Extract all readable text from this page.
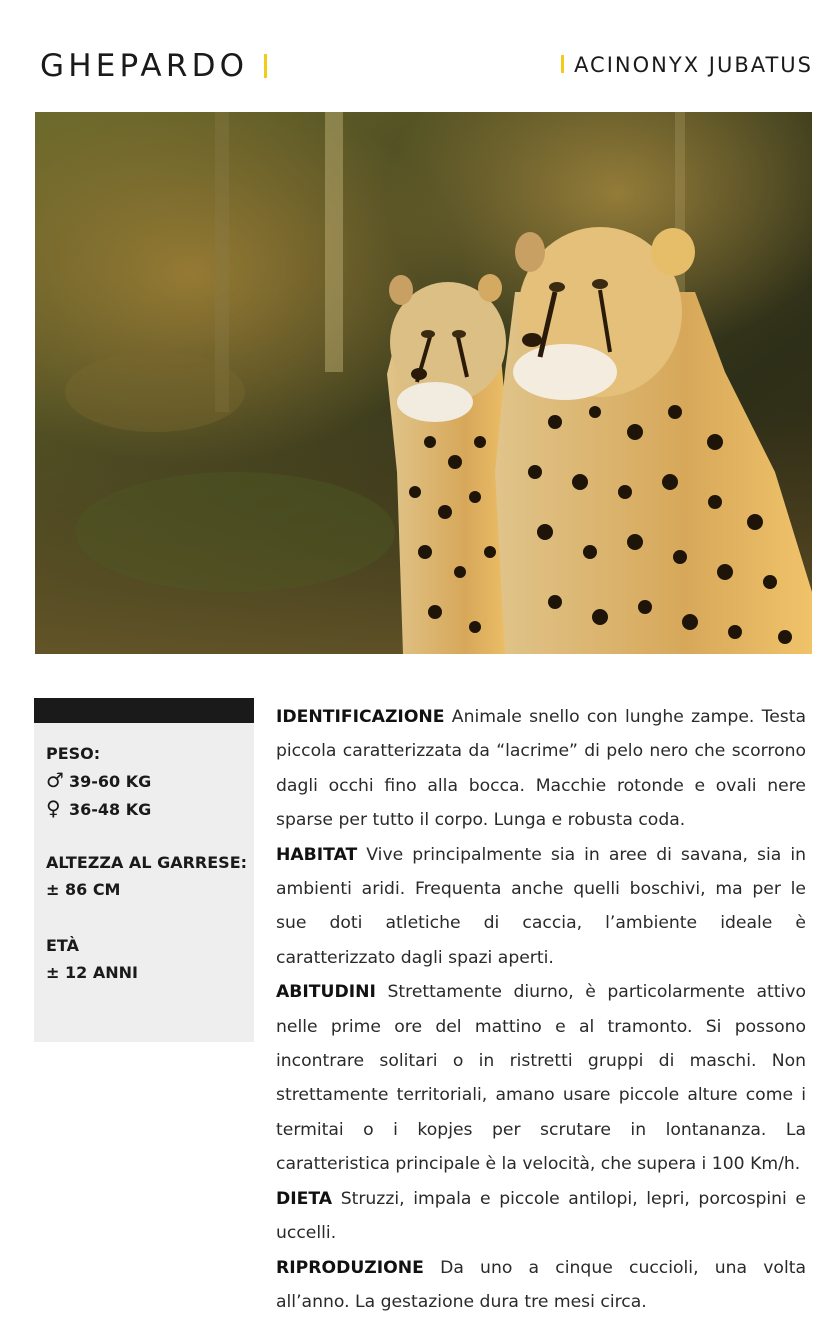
GHEPARDO	ACINONYX JUBATUS
PESO:
♂ 39-60 KG
♀ 36-48 KG
ALTEZZA AL GARRESE:
± 86 CM
ETÀ
± 12 ANNI

IDENTIFICAZIONE Animale snello con lunghe zampe. Testa piccola caratterizzata da “lacrime” di pelo nero che scorrono dagli occhi fino alla bocca. Macchie rotonde e ovali nere sparse per tutto il corpo. Lunga e robusta coda.

HABITAT Vive principalmente sia in aree di savana, sia in ambienti aridi. Frequenta anche quelli boschivi, ma per le sue doti atletiche di caccia, l’ambiente ideale è caratterizzato dagli spazi aperti.

ABITUDINI Strettamente diurno, è particolarmente attivo nelle prime ore del mattino e al tramonto. Si possono incontrare solitari o in ristretti gruppi di maschi. Non strettamente territoriali, amano usare piccole alture come i termitai o i kopjes per scrutare in lontananza. La caratteristica principale è la velocità, che supera i 100 Km/h.

DIETA Struzzi, impala e piccole antilopi, lepri, porcospini e uccelli.

RIPRODUZIONE Da uno a cinque cuccioli, una volta all’anno. La gestazione dura tre mesi circa.
